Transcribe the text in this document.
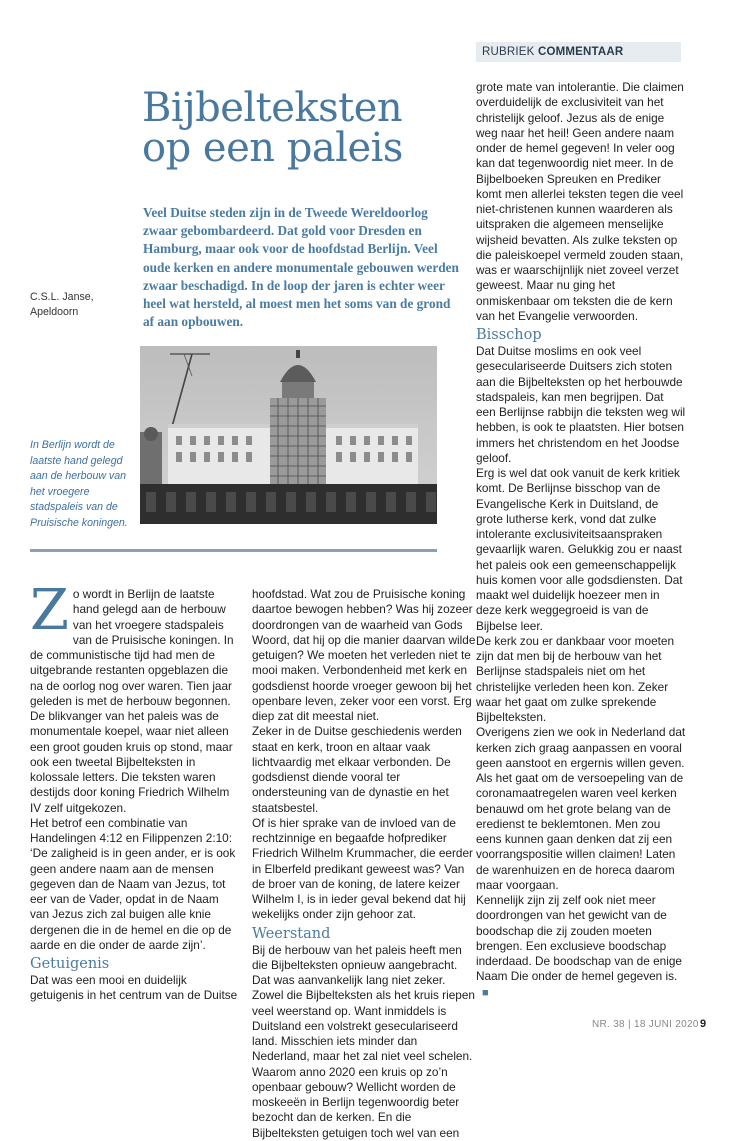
RUBRIEK COMMENTAAR
Bijbelteksten
op een paleis
Veel Duitse steden zijn in de Tweede Wereldoorlog zwaar gebombardeerd. Dat gold voor Dresden en Hamburg, maar ook voor de hoofdstad Berlijn. Veel oude kerken en andere monumentale gebouwen werden zwaar beschadigd. In de loop der jaren is echter weer heel wat hersteld, al moest men het soms van de grond af aan opbouwen.
C.S.L. Janse,
Apeldoorn
In Berlijn wordt de laatste hand gelegd aan de herbouw van het vroegere stadspaleis van de Pruisische koningen.

Zo wordt in Berlijn de laatste hand gelegd aan de herbouw van het vroegere stadspaleis van de Pruisische koningen. In de communistische tijd had men de uitgebrande restanten opgeblazen die na de oorlog nog over waren. Tien jaar geleden is met de herbouw begonnen.

De blikvanger van het paleis was de monumentale koepel, waar niet alleen een groot gouden kruis op stond, maar ook een tweetal Bijbelteksten in kolossale letters. Die teksten waren destijds door koning Friedrich Wilhelm IV zelf uitgekozen.

Het betrof een combinatie van Handelingen 4:12 en Filippenzen 2:10: ‘De zaligheid is in geen ander, er is ook geen andere naam aan de mensen gegeven dan de Naam van Jezus, tot eer van de Vader, opdat in de Naam van Jezus zich zal buigen alle knie dergenen die in de hemel en die op de aarde en die onder de aarde zijn’.

Getuigenis

Dat was een mooi en duidelijk getuigenis in het centrum van de Duitse

hoofdstad. Wat zou de Pruisische koning daartoe bewogen hebben? Was hij zozeer doordrongen van de waarheid van Gods Woord, dat hij op die manier daarvan wilde getuigen? We moeten het verleden niet te mooi maken. Verbondenheid met kerk en godsdienst hoorde vroeger gewoon bij het openbare leven, zeker voor een vorst. Erg diep zat dit meestal niet.

Zeker in de Duitse geschiedenis werden staat en kerk, troon en altaar vaak lichtvaardig met elkaar verbonden. De godsdienst diende vooral ter ondersteuning van de dynastie en het staatsbestel.

Of is hier sprake van de invloed van de rechtzinnige en begaafde hofprediker Friedrich Wilhelm Krummacher, die eerder in Elberfeld predikant geweest was? Van de broer van de koning, de latere keizer Wilhelm I, is in ieder geval bekend dat hij wekelijks onder zijn gehoor zat.

Weerstand

Bij de herbouw van het paleis heeft men die Bijbelteksten opnieuw aangebracht. Dat was aanvankelijk lang niet zeker. Zowel die Bijbelteksten als het kruis riepen veel weerstand op. Want inmiddels is Duitsland een volstrekt geseculariseerd land. Misschien iets minder dan Nederland, maar het zal niet veel schelen. Waarom anno 2020 een kruis op zo’n openbaar gebouw? Wellicht worden de moskeeën in Berlijn tegenwoordig beter bezocht dan de kerken. En die Bijbelteksten getuigen toch wel van een

grote mate van intolerantie. Die claimen overduidelijk de exclusiviteit van het christelijk geloof. Jezus als de enige weg naar het heil! Geen andere naam onder de hemel gegeven! In veler oog kan dat tegenwoordig niet meer. In de Bijbelboeken Spreuken en Prediker komt men allerlei teksten tegen die veel niet-christenen kunnen waarderen als uitspraken die algemeen menselijke wijsheid bevatten. Als zulke teksten op die paleiskoepel vermeld zouden staan, was er waarschijnlijk niet zoveel verzet geweest. Maar nu ging het onmiskenbaar om teksten die de kern van het Evangelie verwoorden.

Bisschop

Dat Duitse moslims en ook veel geseculariseerde Duitsers zich stoten aan die Bijbelteksten op het herbouwde stadspaleis, kan men begrijpen. Dat een Berlijnse rabbijn die teksten weg wil hebben, is ook te plaatsten. Hier botsen immers het christendom en het Joodse geloof.

Erg is wel dat ook vanuit de kerk kritiek komt. De Berlijnse bisschop van de Evangelische Kerk in Duitsland, de grote lutherse kerk, vond dat zulke intolerante exclusiviteitsaanspraken gevaarlijk waren. Gelukkig zou er naast het paleis ook een gemeenschappelijk huis komen voor alle godsdiensten. Dat maakt wel duidelijk hoezeer men in deze kerk weggegroeid is van de Bijbelse leer.

De kerk zou er dankbaar voor moeten zijn dat men bij de herbouw van het Berlijnse stadspaleis niet om het christelijke verleden heen kon. Zeker waar het gaat om zulke sprekende Bijbelteksten.

Overigens zien we ook in Nederland dat kerken zich graag aanpassen en vooral geen aanstoot en ergernis willen geven. Als het gaat om de versoepeling van de coronamaatregelen waren veel kerken benauwd om het grote belang van de eredienst te beklemtonen. Men zou eens kunnen gaan denken dat zij een voorrangspositie willen claimen! Laten de warenhuizen en de horeca daarom maar voorgaan.

Kennelijk zijn zij zelf ook niet meer doordrongen van het gewicht van de boodschap die zij zouden moeten brengen. Een exclusieve boodschap inderdaad. De boodschap van de enige Naam Die onder de hemel gegeven is.■

NR. 38 | 18 JUNI 2020 9
